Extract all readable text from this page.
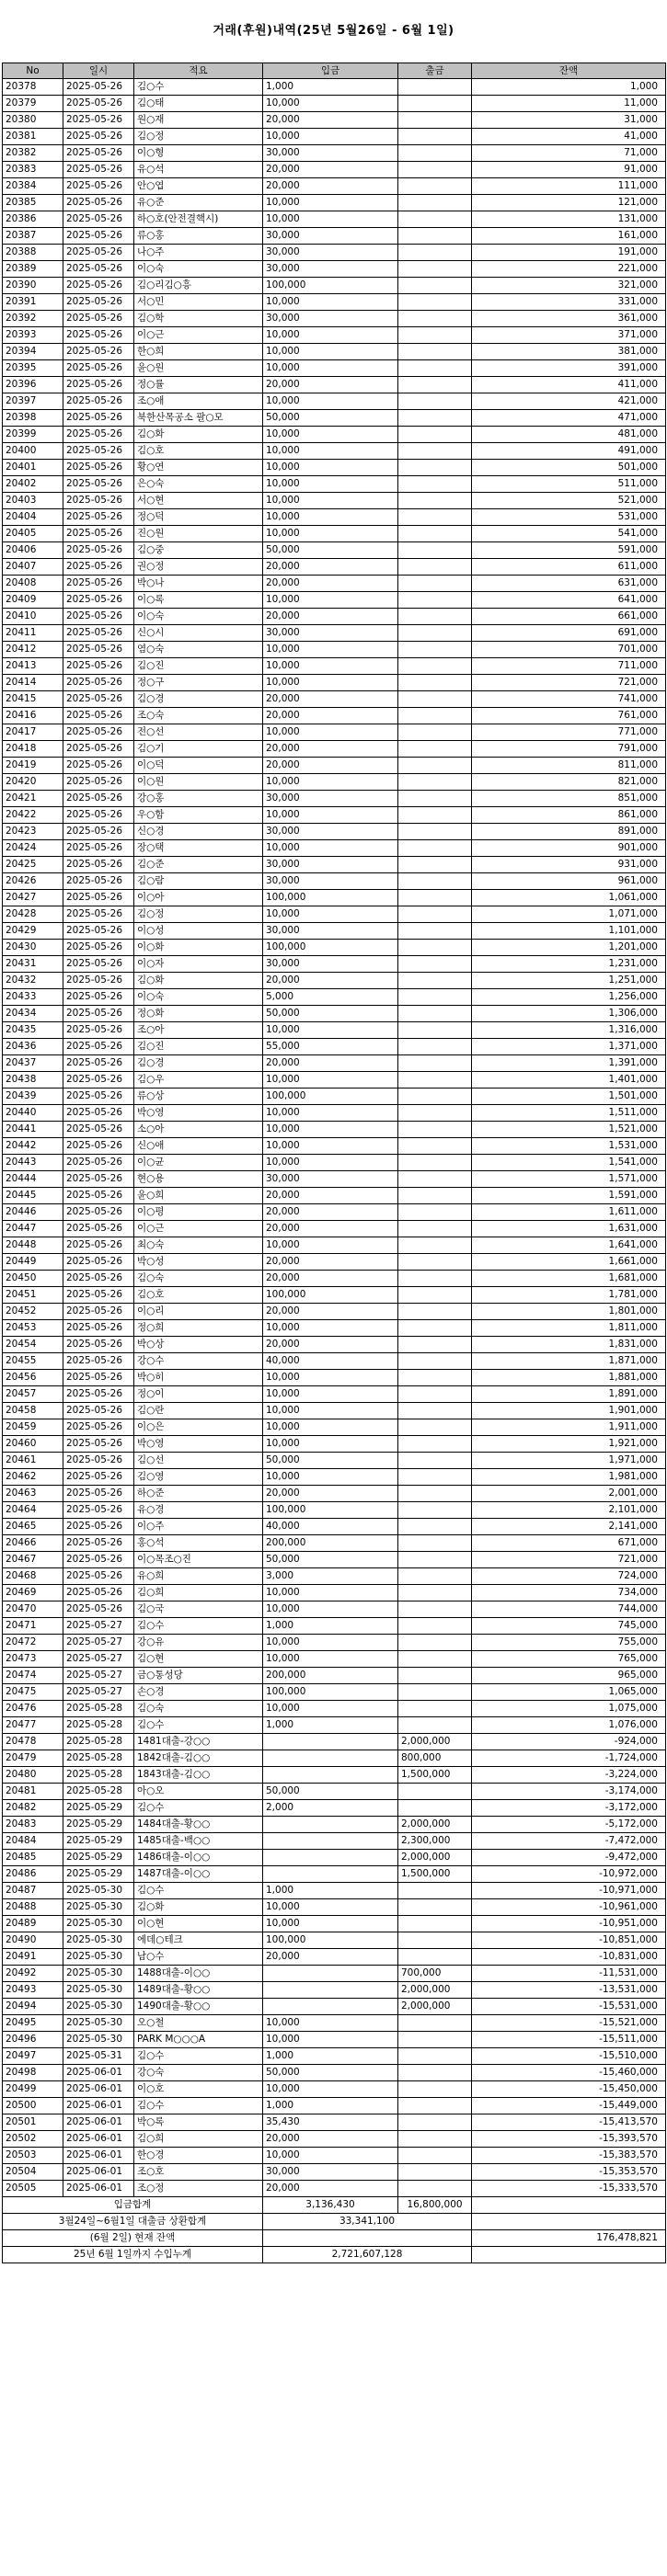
거래(후원)내역(25년 5월26일 - 6월 1일)
No	일시	적요	입금	출금	잔액
20378	2025-05-26	김○수	1,000		1,000
20379	2025-05-26	김○태	10,000		11,000
20380	2025-05-26	원○재	20,000		31,000
20381	2025-05-26	김○정	10,000		41,000
20382	2025-05-26	이○형	30,000		71,000
20383	2025-05-26	유○석	20,000		91,000
20384	2025-05-26	안○엽	20,000		111,000
20385	2025-05-26	유○준	10,000		121,000
20386	2025-05-26	하○호(안전결핵시)	10,000		131,000
20387	2025-05-26	류○홍	30,000		161,000
20388	2025-05-26	나○주	30,000		191,000
20389	2025-05-26	이○숙	30,000		221,000
20390	2025-05-26	김○리김○흥	100,000		321,000
20391	2025-05-26	서○민	10,000		331,000
20392	2025-05-26	김○학	30,000		361,000
20393	2025-05-26	이○근	10,000		371,000
20394	2025-05-26	한○희	10,000		381,000
20395	2025-05-26	윤○원	10,000		391,000
20396	2025-05-26	정○률	20,000		411,000
20397	2025-05-26	조○애	10,000		421,000
20398	2025-05-26	북한산목공소 팔○모	50,000		471,000
20399	2025-05-26	김○화	10,000		481,000
20400	2025-05-26	김○호	10,000		491,000
20401	2025-05-26	황○연	10,000		501,000
20402	2025-05-26	은○숙	10,000		511,000
20403	2025-05-26	서○현	10,000		521,000
20404	2025-05-26	정○덕	10,000		531,000
20405	2025-05-26	진○원	10,000		541,000
20406	2025-05-26	김○중	50,000		591,000
20407	2025-05-26	권○정	20,000		611,000
20408	2025-05-26	박○나	20,000		631,000
20409	2025-05-26	이○록	10,000		641,000
20410	2025-05-26	이○숙	20,000		661,000
20411	2025-05-26	신○시	30,000		691,000
20412	2025-05-26	염○숙	10,000		701,000
20413	2025-05-26	김○진	10,000		711,000
20414	2025-05-26	정○구	10,000		721,000
20415	2025-05-26	김○경	20,000		741,000
20416	2025-05-26	조○숙	20,000		761,000
20417	2025-05-26	전○선	10,000		771,000
20418	2025-05-26	김○기	20,000		791,000
20419	2025-05-26	이○덕	20,000		811,000
20420	2025-05-26	이○원	10,000		821,000
20421	2025-05-26	강○홍	30,000		851,000
20422	2025-05-26	우○함	10,000		861,000
20423	2025-05-26	신○경	30,000		891,000
20424	2025-05-26	장○택	10,000		901,000
20425	2025-05-26	김○준	30,000		931,000
20426	2025-05-26	김○람	30,000		961,000
20427	2025-05-26	이○아	100,000		1,061,000
20428	2025-05-26	김○정	10,000		1,071,000
20429	2025-05-26	이○성	30,000		1,101,000
20430	2025-05-26	이○화	100,000		1,201,000
20431	2025-05-26	이○자	30,000		1,231,000
20432	2025-05-26	김○화	20,000		1,251,000
20433	2025-05-26	이○숙	5,000		1,256,000
20434	2025-05-26	정○화	50,000		1,306,000
20435	2025-05-26	조○아	10,000		1,316,000
20436	2025-05-26	김○진	55,000		1,371,000
20437	2025-05-26	김○경	20,000		1,391,000
20438	2025-05-26	김○우	10,000		1,401,000
20439	2025-05-26	류○상	100,000		1,501,000
20440	2025-05-26	박○영	10,000		1,511,000
20441	2025-05-26	소○아	10,000		1,521,000
20442	2025-05-26	신○애	10,000		1,531,000
20443	2025-05-26	이○균	10,000		1,541,000
20444	2025-05-26	현○용	30,000		1,571,000
20445	2025-05-26	윤○희	20,000		1,591,000
20446	2025-05-26	이○평	20,000		1,611,000
20447	2025-05-26	이○근	20,000		1,631,000
20448	2025-05-26	최○숙	10,000		1,641,000
20449	2025-05-26	박○성	20,000		1,661,000
20450	2025-05-26	김○숙	20,000		1,681,000
20451	2025-05-26	김○호	100,000		1,781,000
20452	2025-05-26	이○리	20,000		1,801,000
20453	2025-05-26	정○희	10,000		1,811,000
20454	2025-05-26	박○상	20,000		1,831,000
20455	2025-05-26	강○수	40,000		1,871,000
20456	2025-05-26	박○히	10,000		1,881,000
20457	2025-05-26	정○이	10,000		1,891,000
20458	2025-05-26	김○란	10,000		1,901,000
20459	2025-05-26	이○은	10,000		1,911,000
20460	2025-05-26	박○영	10,000		1,921,000
20461	2025-05-26	김○선	50,000		1,971,000
20462	2025-05-26	김○영	10,000		1,981,000
20463	2025-05-26	하○준	20,000		2,001,000
20464	2025-05-26	유○경	100,000		2,101,000
20465	2025-05-26	이○주	40,000		2,141,000
20466	2025-05-26	홍○석	200,000		671,000
20467	2025-05-26	이○목조○진	50,000		721,000
20468	2025-05-26	유○희	3,000		724,000
20469	2025-05-26	김○희	10,000		734,000
20470	2025-05-26	김○국	10,000		744,000
20471	2025-05-27	김○수	1,000		745,000
20472	2025-05-27	강○유	10,000		755,000
20473	2025-05-27	김○현	10,000		765,000
20474	2025-05-27	금○통성당	200,000		965,000
20475	2025-05-27	손○경	100,000		1,065,000
20476	2025-05-28	김○숙	10,000		1,075,000
20477	2025-05-28	김○수	1,000		1,076,000
20478	2025-05-28	1481대출-강○○		2,000,000	-924,000
20479	2025-05-28	1842대출-김○○		800,000	-1,724,000
20480	2025-05-28	1843대출-김○○		1,500,000	-3,224,000
20481	2025-05-28	아○오	50,000		-3,174,000
20482	2025-05-29	김○수	2,000		-3,172,000
20483	2025-05-29	1484대출-황○○		2,000,000	-5,172,000
20484	2025-05-29	1485대출-백○○		2,300,000	-7,472,000
20485	2025-05-29	1486대출-이○○		2,000,000	-9,472,000
20486	2025-05-29	1487대출-이○○		1,500,000	-10,972,000
20487	2025-05-30	김○수	1,000		-10,971,000
20488	2025-05-30	김○화	10,000		-10,961,000
20489	2025-05-30	이○현	10,000		-10,951,000
20490	2025-05-30	에데○테크	100,000		-10,851,000
20491	2025-05-30	남○수	20,000		-10,831,000
20492	2025-05-30	1488대출-이○○		700,000	-11,531,000
20493	2025-05-30	1489대출-황○○		2,000,000	-13,531,000
20494	2025-05-30	1490대출-황○○		2,000,000	-15,531,000
20495	2025-05-30	오○철	10,000		-15,521,000
20496	2025-05-30	PARK M○○○A	10,000		-15,511,000
20497	2025-05-31	김○수	1,000		-15,510,000
20498	2025-06-01	강○숙	50,000		-15,460,000
20499	2025-06-01	이○호	10,000		-15,450,000
20500	2025-06-01	김○수	1,000		-15,449,000
20501	2025-06-01	박○록	35,430		-15,413,570
20502	2025-06-01	김○희	20,000		-15,393,570
20503	2025-06-01	한○경	10,000		-15,383,570
20504	2025-06-01	조○호	30,000		-15,353,570
20505	2025-06-01	조○정	20,000		-15,333,570
입금합계			3,136,430	16,800,000	
3월24일~6월1일 대출금 상환합계			33,341,100		
(6월 2일) 현재 잔액					176,478,821
25년 6월 1일까지 수입누계			2,721,607,128		
